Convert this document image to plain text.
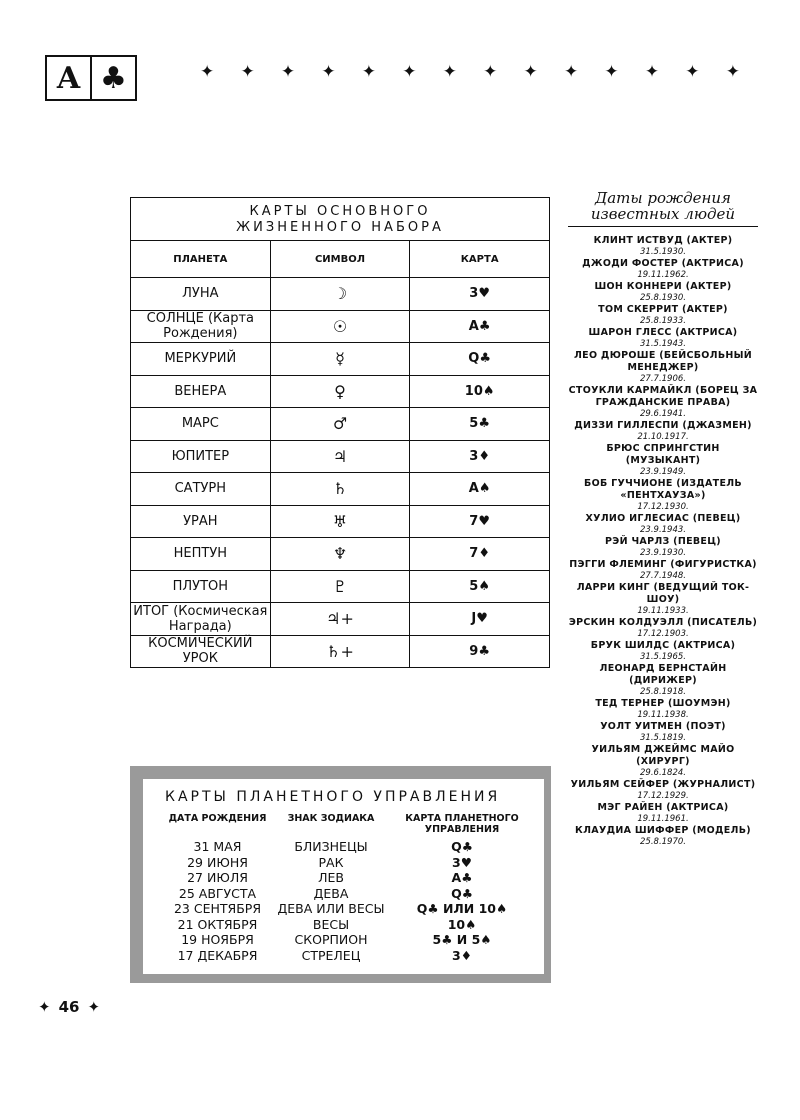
A ♣	✦ ✦ ✦ ✦ ✦ ✦ ✦ ✦ ✦ ✦ ✦ ✦ ✦ ✦
КАРТЫ ОСНОВНОГО
ЖИЗНЕННОГО НАБОРА		

ПЛАНЕТА	СИМВОЛ	КАРТА
ЛУНА	☽	3♥
СОЛНЦЕ (Карта Рождения)	☉	A♣
МЕРКУРИЙ	☿	Q♣
ВЕНЕРА	♀	10♠
МАРС	♂	5♣
ЮПИТЕР	♃	3♦
САТУРН	♄	A♠
УРАН	♅	7♥
НЕПТУН	♆	7♦
ПЛУТОН	♇	5♠
ИТОГ (Космическая Награда)	♃+	J♥
КОСМИЧЕСКИЙ УРОК	♄+	9♣
Даты рождения
известных людей
КЛИНТ ИСТВУД (АКТЕР)
31.5.1930.
ДЖОДИ ФОСТЕР (АКТРИСА)
19.11.1962.
ШОН КОННЕРИ (АКТЕР)
25.8.1930.
ТОМ СКЕРРИТ (АКТЕР)
25.8.1933.
ШАРОН ГЛЕСС (АКТРИСА)
31.5.1943.
ЛЕО ДЮРОШЕ (БЕЙСБОЛЬНЫЙ МЕНЕДЖЕР)
27.7.1906.
СТОУКЛИ КАРМАЙКЛ (БОРЕЦ ЗА ГРАЖДАНСКИЕ ПРАВА)
29.6.1941.
ДИЗЗИ ГИЛЛЕСПИ (ДЖАЗМЕН)
21.10.1917.
БРЮС СПРИНГСТИН (МУЗЫКАНТ)
23.9.1949.
БОБ ГУЧЧИОНЕ (ИЗДАТЕЛЬ «ПЕНТХАУЗА»)
17.12.1930.
ХУЛИО ИГЛЕСИАС (ПЕВЕЦ)
23.9.1943.
РЭЙ ЧАРЛЗ (ПЕВЕЦ)
23.9.1930.
ПЭГГИ ФЛЕМИНГ (ФИГУРИСТКА)
27.7.1948.
ЛАРРИ КИНГ (ВЕДУЩИЙ ТОК-ШОУ)
19.11.1933.
ЭРСКИН КОЛДУЭЛЛ (ПИСАТЕЛЬ)
17.12.1903.
БРУК ШИЛДС (АКТРИСА)
31.5.1965.
ЛЕОНАРД БЕРНСТАЙН (ДИРИЖЕР)
25.8.1918.
ТЕД ТЕРНЕР (ШОУМЭН)
19.11.1938.
УОЛТ УИТМЕН (ПОЭТ)
31.5.1819.
УИЛЬЯМ ДЖЕЙМС МАЙО (ХИРУРГ)
29.6.1824.
УИЛЬЯМ СЕЙФЕР (ЖУРНАЛИСТ)
17.12.1929.
МЭГ РАЙЕН (АКТРИСА)
19.11.1961.
КЛАУДИА ШИФФЕР (МОДЕЛЬ)
25.8.1970.
КАРТЫ ПЛАНЕТНОГО УПРАВЛЕНИЯ
ДАТА РОЖДЕНИЯ	ЗНАК ЗОДИАКА	КАРТА ПЛАНЕТНОГО УПРАВЛЕНИЯ
31 МАЯ	БЛИЗНЕЦЫ	Q♣
29 ИЮНЯ	РАК	3♥
27 ИЮЛЯ	ЛЕВ	A♣
25 АВГУСТА	ДЕВА	Q♣
23 СЕНТЯБРЯ	ДЕВА ИЛИ ВЕСЫ	Q♣ ИЛИ 10♠
21 ОКТЯБРЯ	ВЕСЫ	10♠
19 НОЯБРЯ	СКОРПИОН	5♣ И 5♠
17 ДЕКАБРЯ	СТРЕЛЕЦ	3♦
✦ 46 ✦
